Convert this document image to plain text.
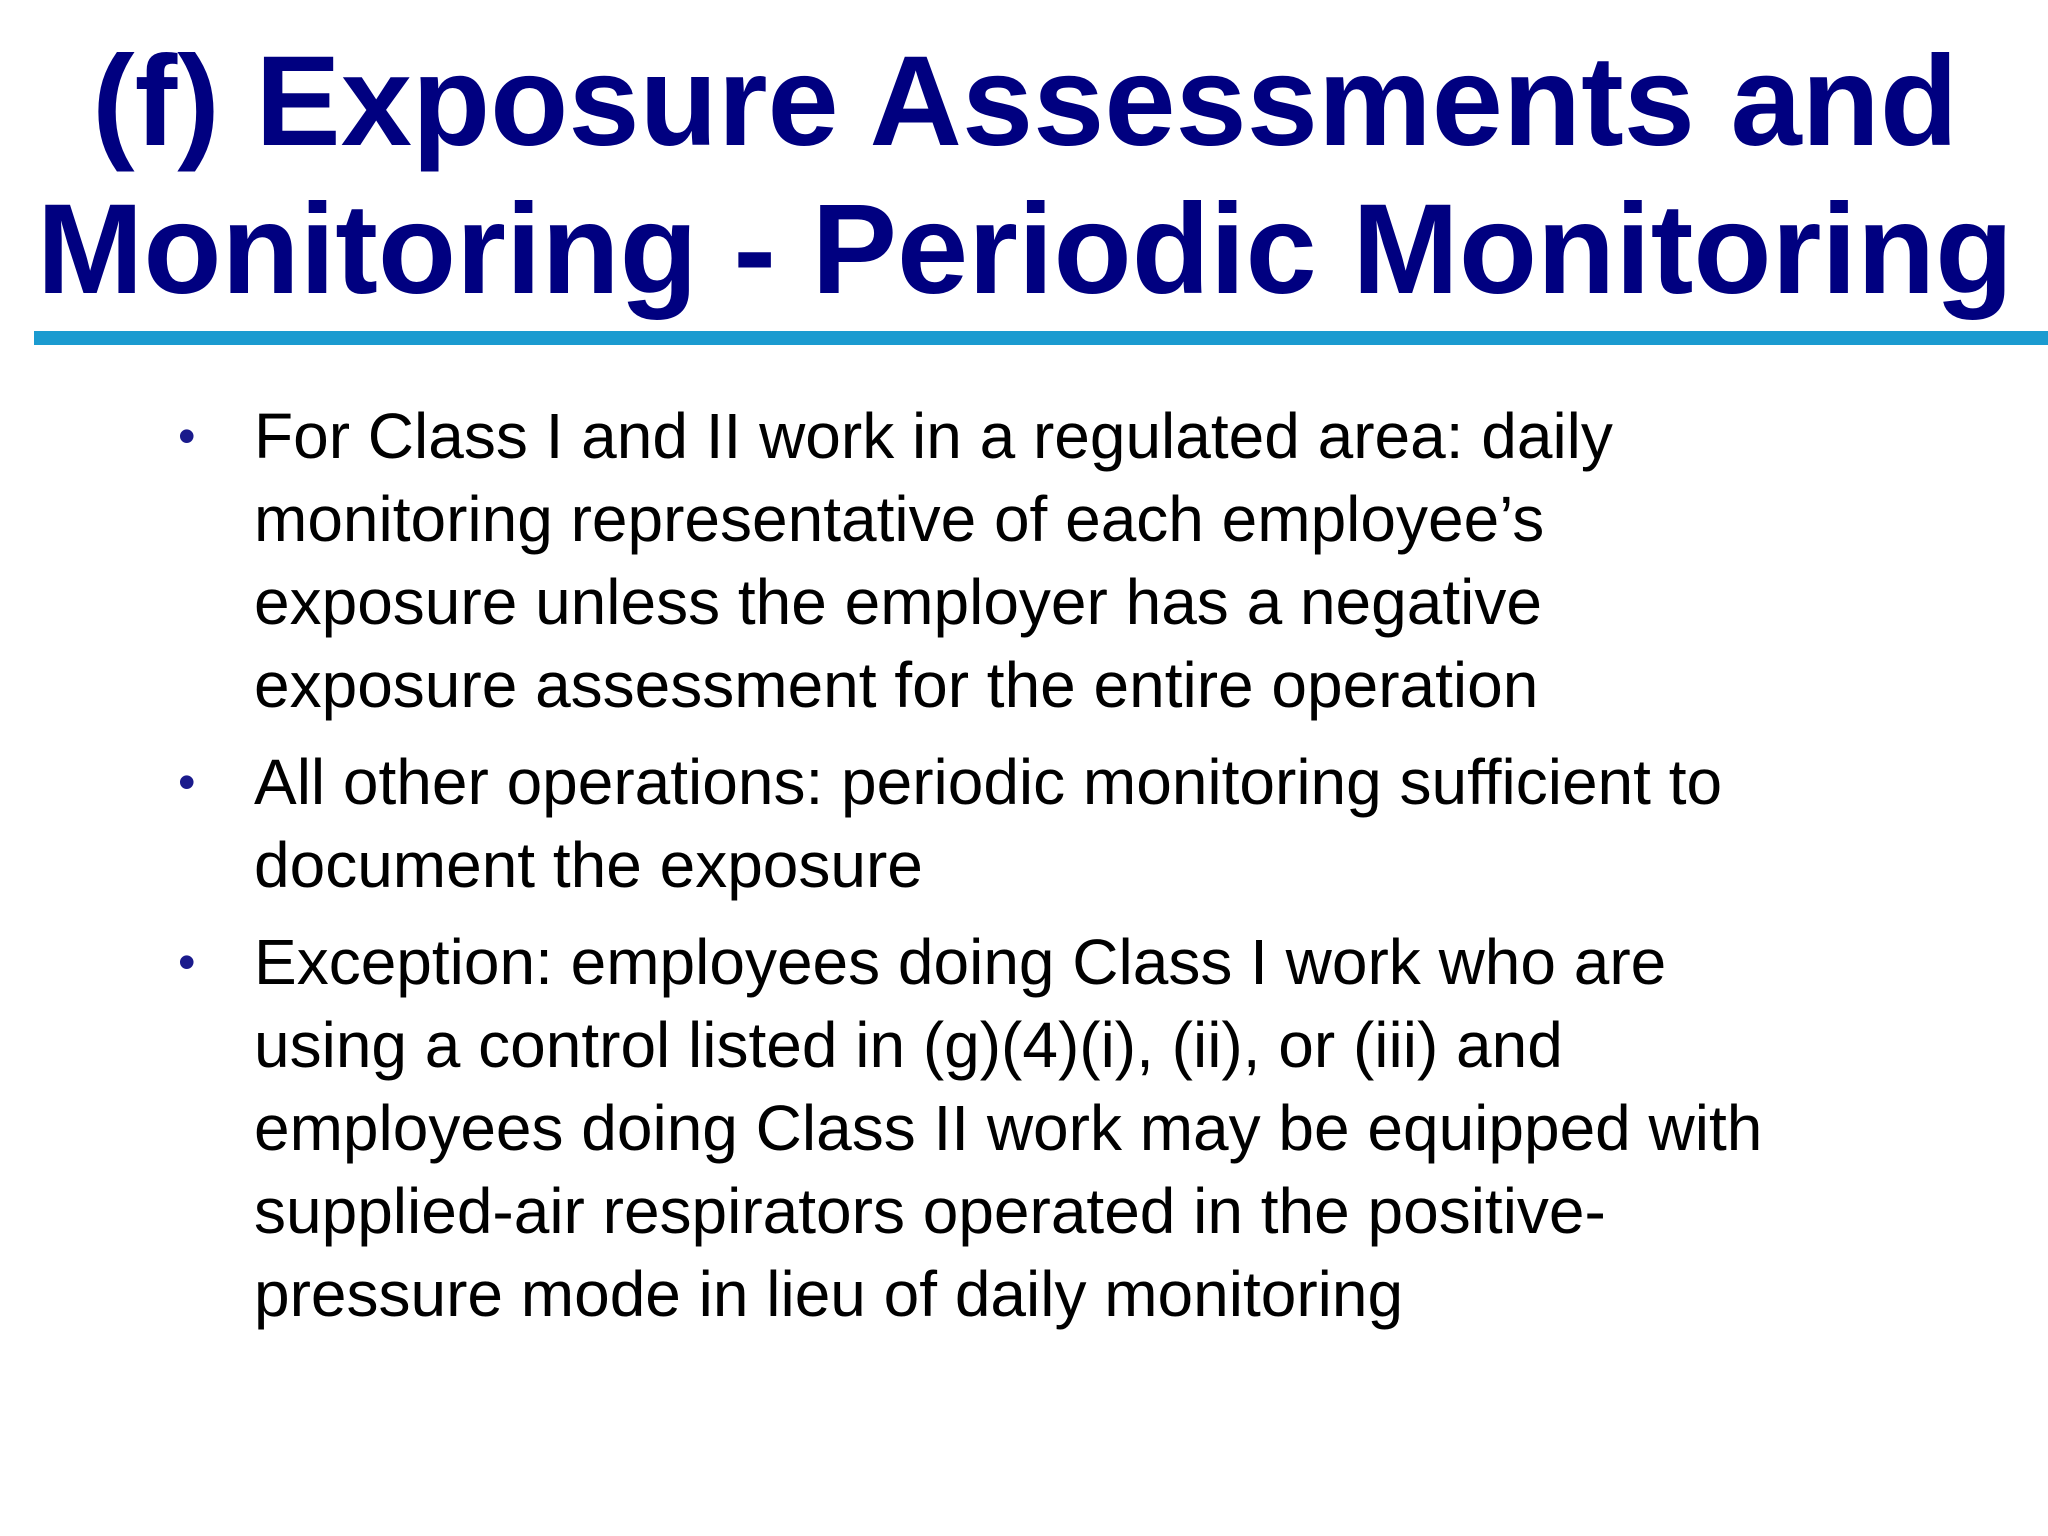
(f) Exposure Assessments and
Monitoring - Periodic Monitoring
• For Class I and II work in a regulated area: daily
monitoring representative of each employee’s
exposure unless the employer has a negative
exposure assessment for the entire operation
• All other operations: periodic monitoring sufficient to
document the exposure
• Exception: employees doing Class I work who are
using a control listed in (g)(4)(i), (ii), or (iii) and
employees doing Class II work may be equipped with
supplied-air respirators operated in the positive-
pressure mode in lieu of daily monitoring
